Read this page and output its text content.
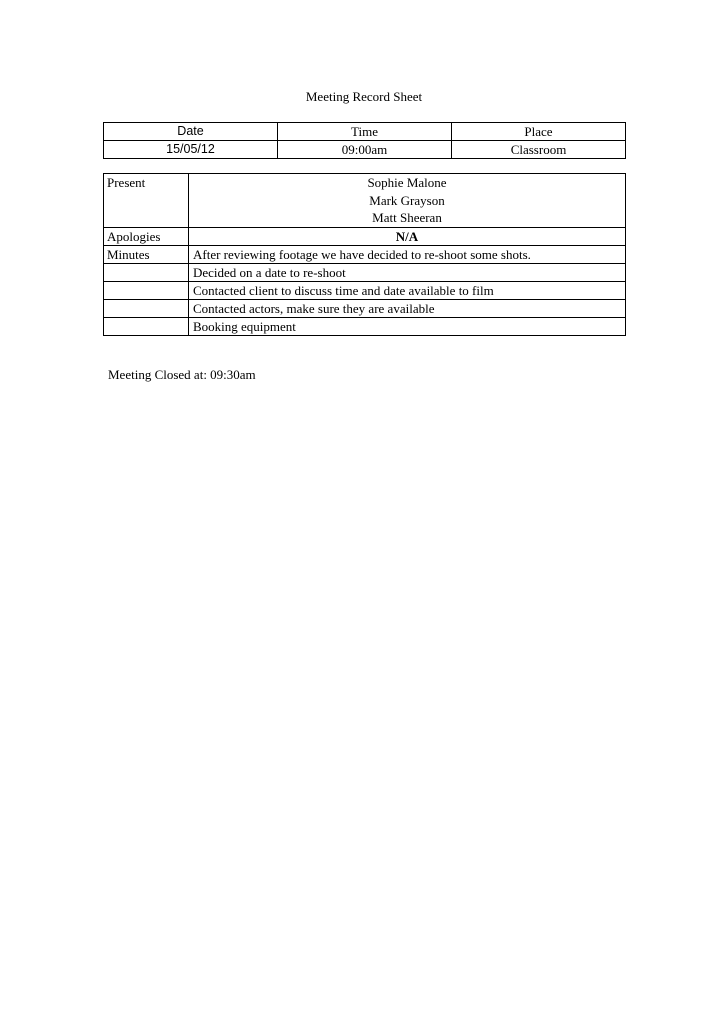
Meeting Record Sheet
Date	Time	Place
15/05/12	09:00am	Classroom
Present	Sophie Malone
Mark Grayson
Matt Sheeran

Apologies	N/A
Minutes	After reviewing footage we have decided to re-shoot some shots.
	Decided on a date to re-shoot
	Contacted client to discuss time and date available to film
	Contacted actors, make sure they are available
	Booking equipment
Meeting Closed at: 09:30am
